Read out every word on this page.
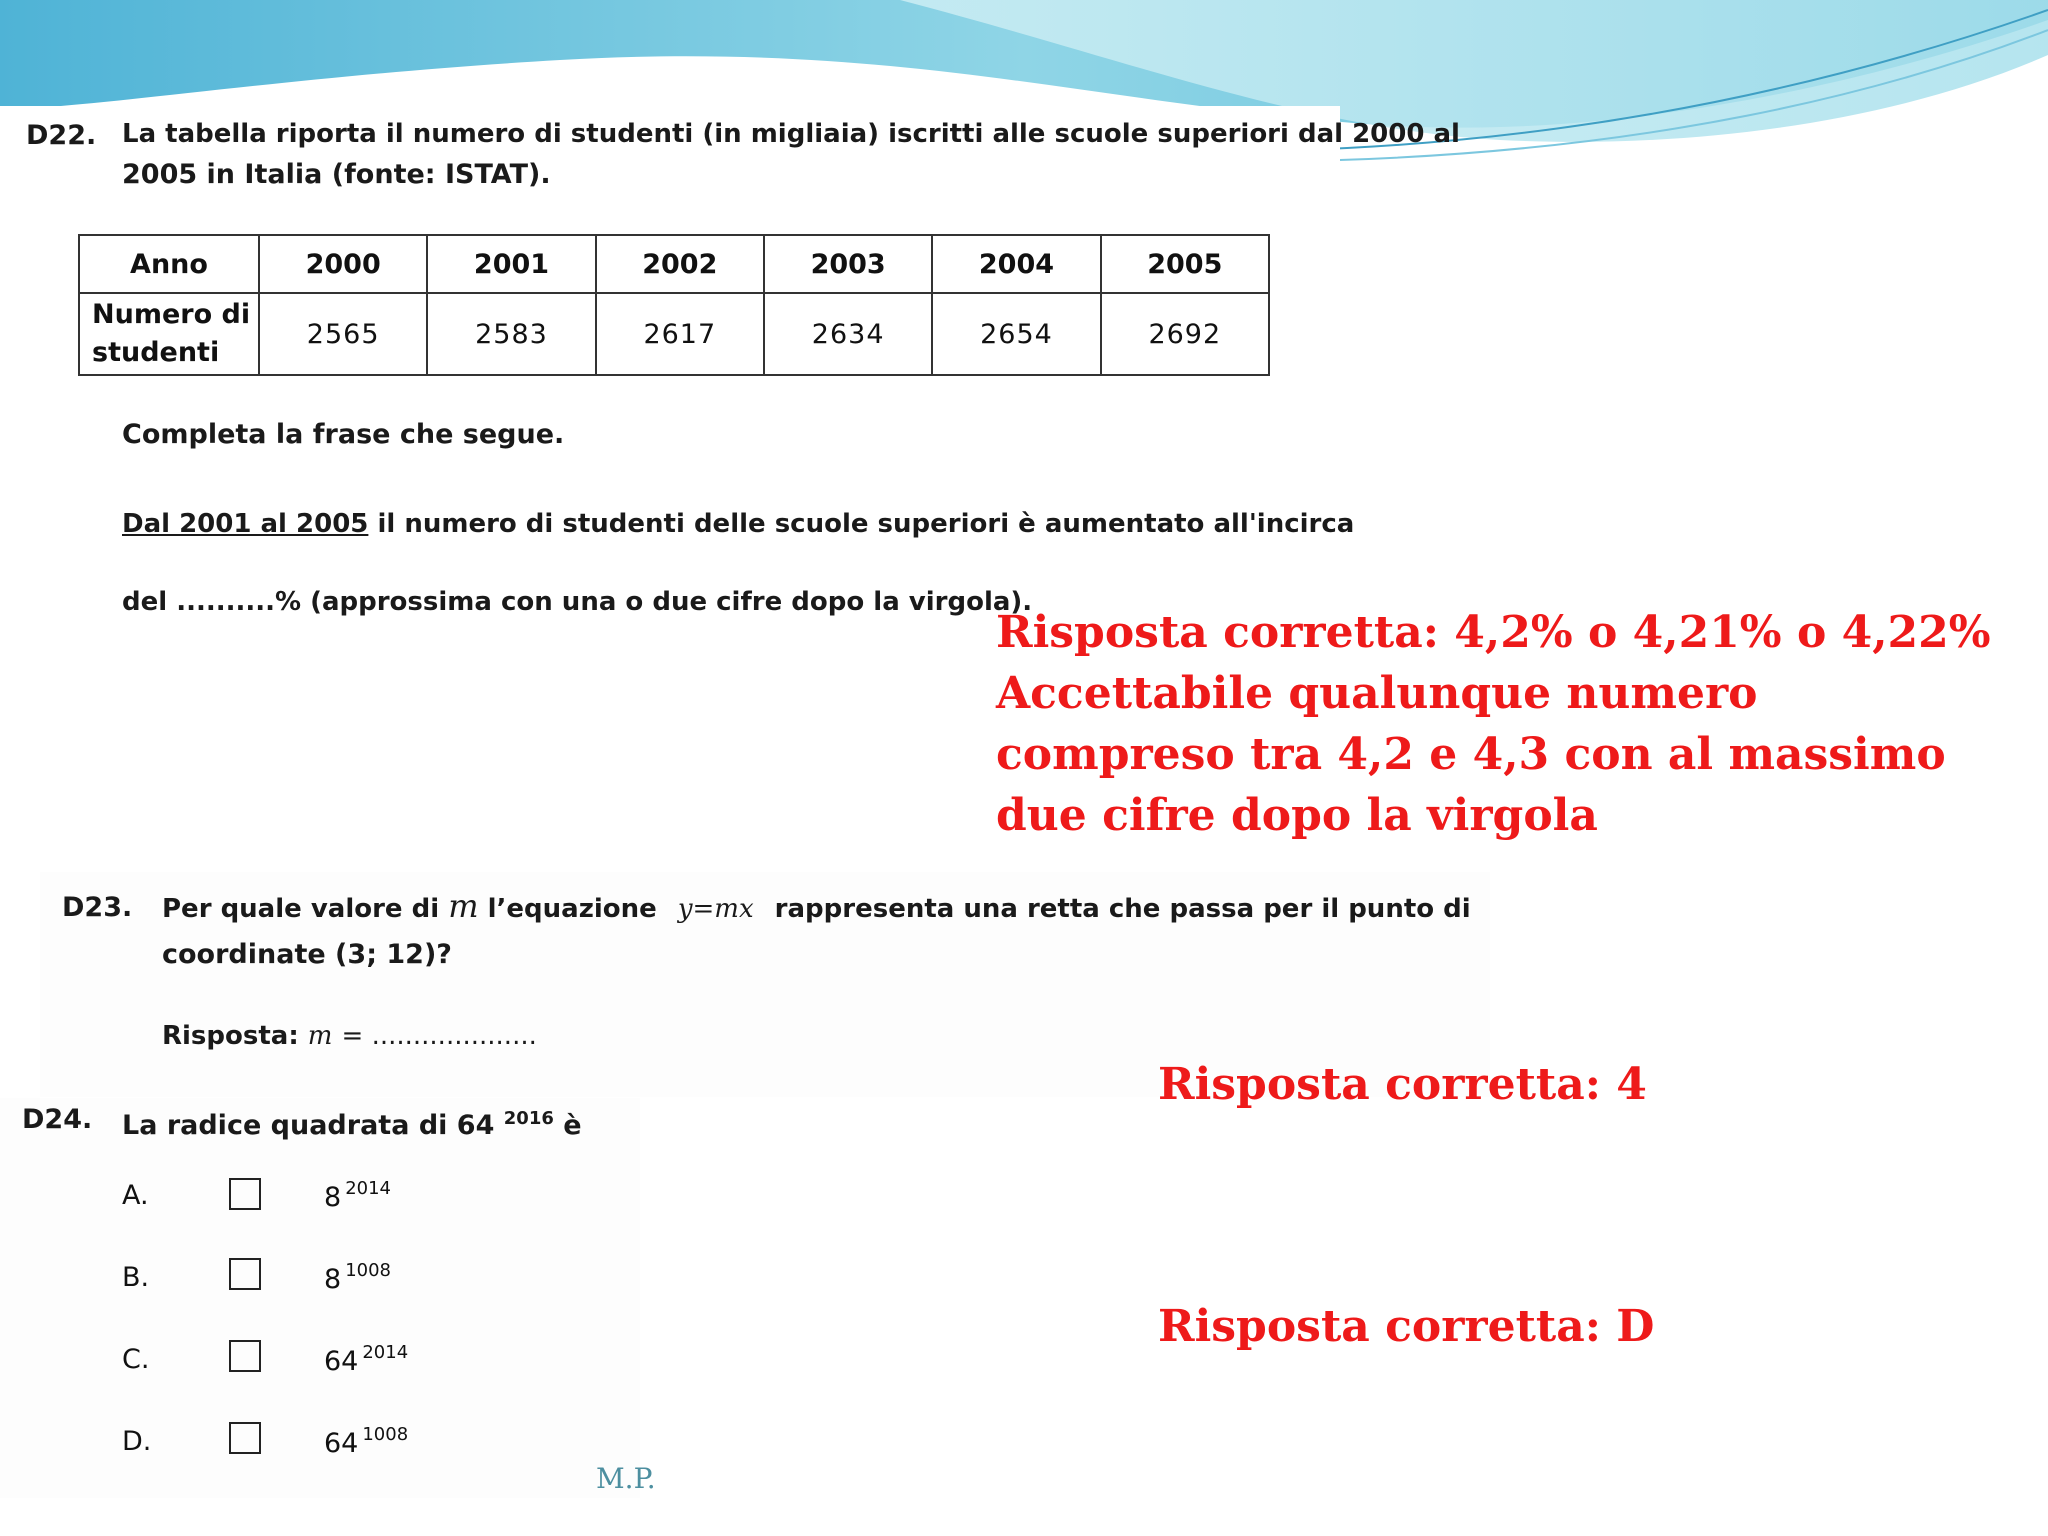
D22. La tabella riporta il numero di studenti (in migliaia) iscritti alle scuole superiori dal 2000 al
2005 in Italia (fonte: ISTAT).
Anno	2000	2001	2002	2003	2004	2005

Numero di
studenti	2565	2583	2617	2634	2654	2692
Completa la frase che segue.
Dal 2001 al 2005 il numero di studenti delle scuole superiori è aumentato all'incirca
del ..........% (approssima con una o due cifre dopo la virgola).
Risposta corretta: 4,2% o 4,21% o 4,22%
Accettabile qualunque numero
compreso tra 4,2 e 4,3 con al massimo
due cifre dopo la virgola
D23. Per quale valore di m l’equazione y=mx rappresenta una retta che passa per il punto di
coordinate (3; 12)?
Risposta: m = ....................
Risposta corretta: 4
D24. La radice quadrata di 64 $^{2016}$ è
A.	8 $^{2014}$
B.	8 $^{1008}$
C.	64 $^{2014}$
D.	64 $^{1008}$
Risposta corretta: D
M.P.
